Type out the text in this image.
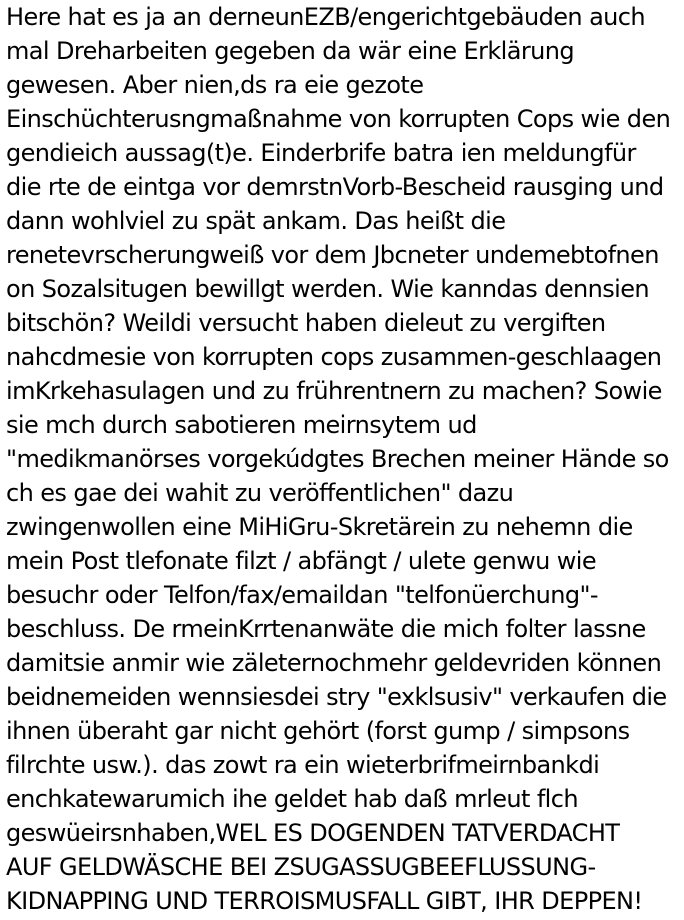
Here hat es ja an derneunEZB/engerichtgebäuden auch
mal Dreharbeiten gegeben da wär eine Erklärung
gewesen. Aber nien,ds ra eie gezote
Einschüchterusngmaßnahme von korrupten Cops wie den
gendieich aussag(t)e. Einderbrife batra ien meldungfür
die rte de eintga vor demrstnVorb-Bescheid rausging und
dann wohlviel zu spät ankam. Das heißt die
renetevrscherungweiß vor dem Jbcneter undemebtofnen
on Sozalsitugen bewillgt werden. Wie kanndas dennsien
bitschön? Weildi versucht haben dieleut zu vergiften
nahcdmesie von korrupten cops zusammen-geschlaagen
imKrkehasulagen und zu frührentnern zu machen? Sowie
sie mch durch sabotieren meirnsytem ud
"medikmanörses vorgekúdgtes Brechen meiner Hände so
ch es gae dei wahit zu veröffentlichen" dazu
zwingenwollen eine MiHiGru-Skretärein zu nehemn die
mein Post tlefonate filzt / abfängt / ulete genwu wie
besuchr oder Telfon/fax/emaildan "telfonüerchung"-
beschluss. De rmeinKrrtenanwäte die mich folter lassne
damitsie anmir wie zäleternochmehr geldevriden können
beidnemeiden wennsiesdei stry "exklsusiv" verkaufen die
ihnen überaht gar nicht gehört (forst gump / simpsons
filrchte usw.). das zowt ra ein wieterbrifmeirnbankdi
enchkatewarumich ihe geldet hab daß mrleut flch
geswüeirsnhaben,WEL ES DOGENDEN TATVERDACHT
AUF GELDWÄSCHE BEI ZSUGASSUGBEEFLUSSUNG-
KIDNAPPING UND TERROISMUSFALL GIBT, IHR DEPPEN!
